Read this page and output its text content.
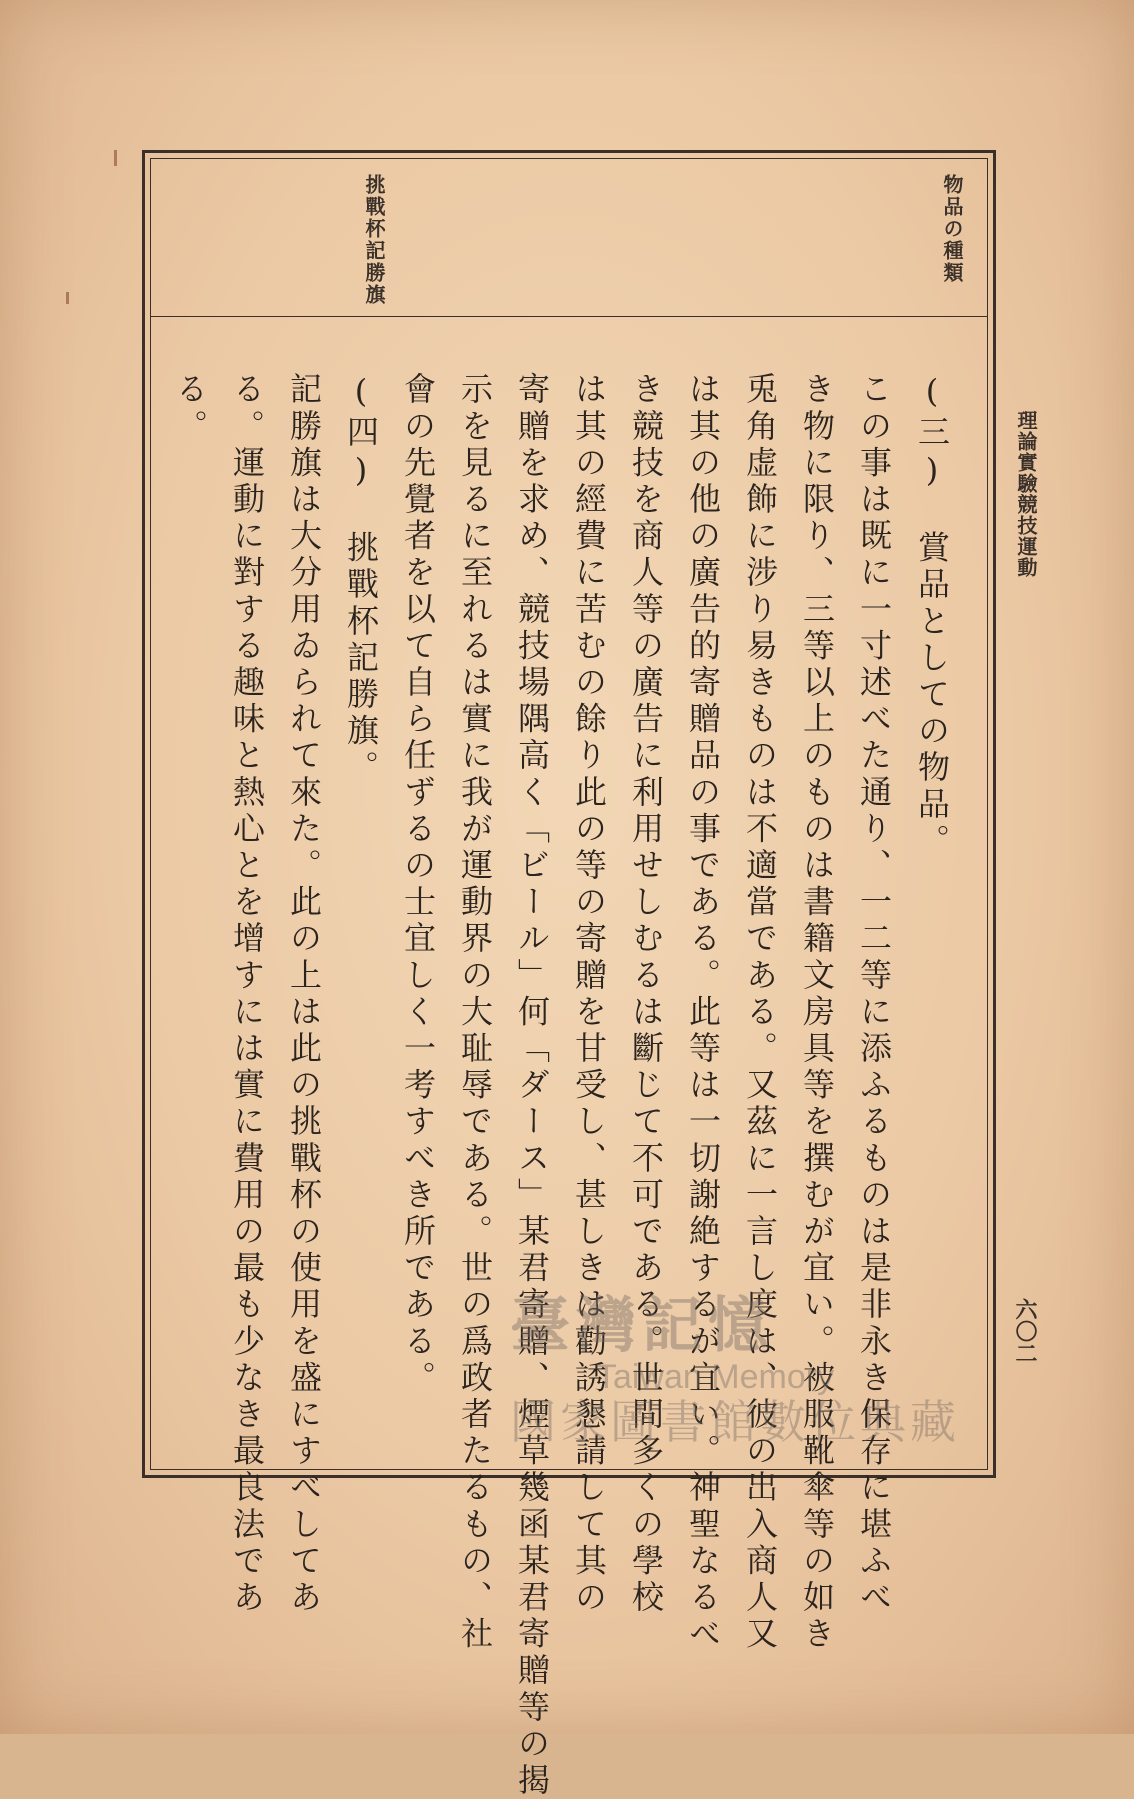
理論實驗競技運動
六〇二
物品の種類
挑戰杯記勝旗
(三)　賞品としての物品。
この事は既に一寸述べた通り、一二等に添ふるものは是非永き保存に堪ふべ
き物に限り、三等以上のものは書籍文房具等を撰むが宜い。被服靴傘等の如き
兎角虚飾に涉り易きものは不適當である。又茲に一言し度は、彼の出入商人又
は其の他の廣告的寄贈品の事である。此等は一切謝絶するが宜い。神聖なるべ
き競技を商人等の廣告に利用せしむるは斷じて不可である。世間多くの學校
は其の經費に苦むの餘り此の等の寄贈を甘受し、甚しきは勸誘懇請して其の
寄贈を求め、競技場隅高く「ビール」何「ダース」某君寄贈、煙草幾函某君寄贈等の揭
示を見るに至れるは實に我が運動界の大耻辱である。世の爲政者たるもの、社
會の先覺者を以て自ら任ずるの士宜しく一考すべき所である。
(四)　挑戰杯記勝旗。
記勝旗は大分用ゐられて來た。此の上は此の挑戰杯の使用を盛にすべしてあ
る。運動に對する趣味と熱心とを增すには實に費用の最も少なき最良法であ
る。
臺灣記憶
Taiwan Memory
國家圖書館數位典藏
